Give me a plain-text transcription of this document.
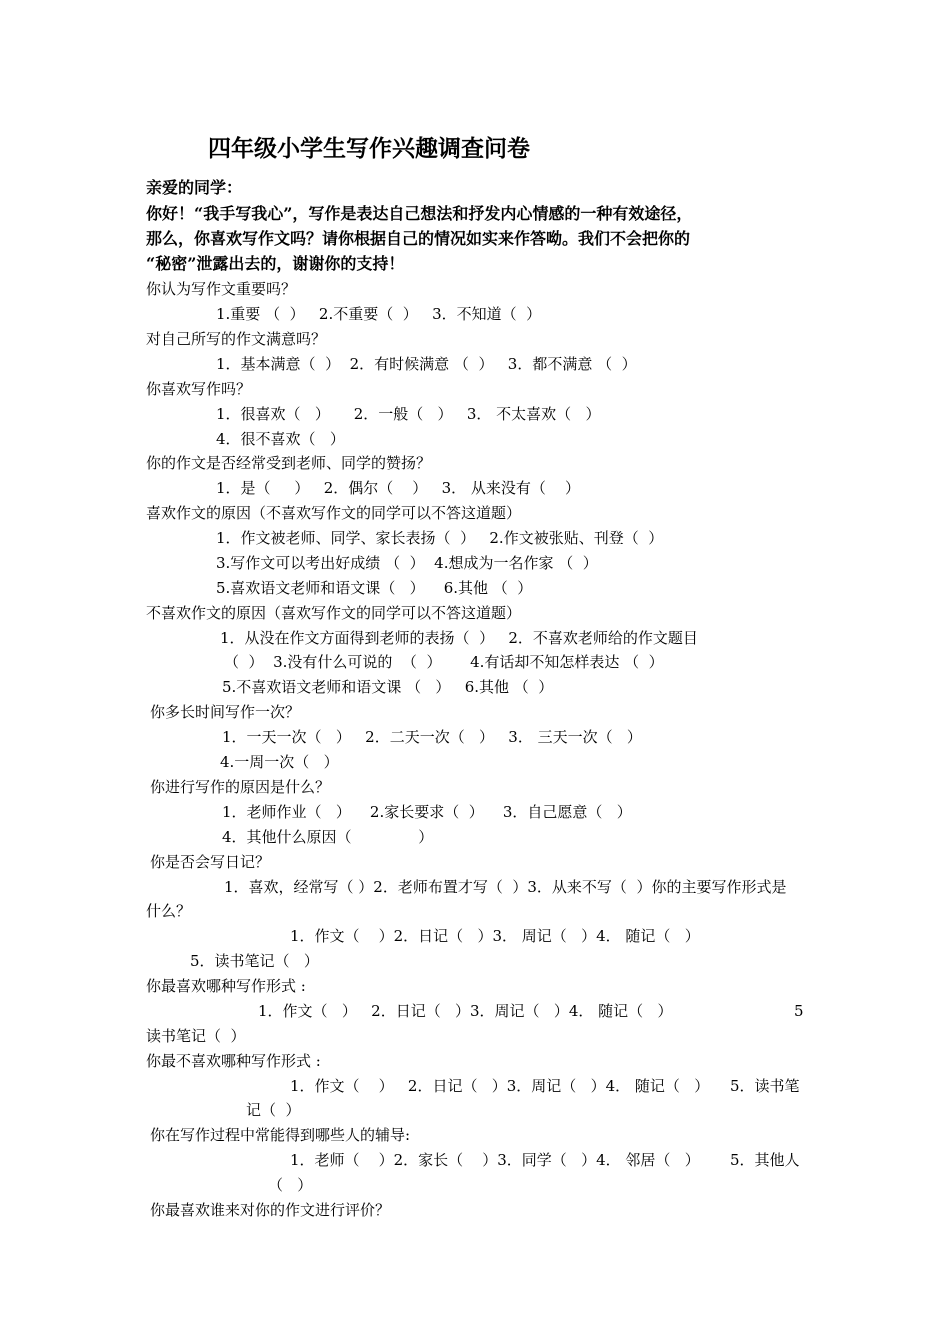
四年级小学生写作兴趣调查问卷
亲爱的同学：
你好！“我手写我心”，写作是表达自己想法和抒发内心情感的一种有效途径，
那么，你喜欢写作文吗？请你根据自己的情况如实来作答呦。我们不会把你的
“秘密”泄露出去的，谢谢你的支持！
你认为写作文重要吗？
1.重要 （  ）   2.不重要（  ）   3．不知道（  ）
对自己所写的作文满意吗？
1．基本满意（  ）  2．有时候满意 （  ）   3．都不满意 （  ）
你喜欢写作吗？
1．很喜欢（   ）     2．一般（   ）   3． 不太喜欢（   ）
4．很不喜欢（   ）
你的作文是否经常受到老师、同学的赞扬？
1．是（     ）   2．偶尔（    ）   3． 从来没有（    ）
喜欢作文的原因（不喜欢写作文的同学可以不答这道题）
1．作文被老师、同学、家长表扬（  ）   2.作文被张贴、刊登（  ）
3.写作文可以考出好成绩 （  ）  4.想成为一名作家 （  ）
5.喜欢语文老师和语文课（   ）    6.其他 （  ）
不喜欢作文的原因（喜欢写作文的同学可以不答这道题）
1．从没在作文方面得到老师的表扬（  ）   2．不喜欢老师给的作文题目
（  ）  3.没有什么可说的  （  ）      4.有话却不知怎样表达 （  ）
5.不喜欢语文老师和语文课 （   ）   6.其他 （  ）
你多长时间写作一次？
1．一天一次（   ）   2．二天一次（   ）   3． 三天一次（   ）
4.一周一次（   ）
你进行写作的原因是什么？
1．老师作业（   ）    2.家长要求（  ）    3．自己愿意（   ）
4．其他什么原因（              ）
你是否会写日记？
1．喜欢，经常写（ ）2．老师布置才写（  ）3．从来不写（  ）你的主要写作形式是
什么？
1．作文（    ）2．日记（   ）3． 周记（   ）4． 随记（   ）
5．读书笔记（   ）
你最喜欢哪种写作形式 :
1．作文（   ）   2．日记（   ）3．周记（   ）4． 随记（   ）	5
读书笔记（  ）
你最不喜欢哪种写作形式 :
1．作文（    ）   2．日记（   ）3．周记（   ）4． 随记（   ） 5．读书笔
记（  ）
你在写作过程中常能得到哪些人的辅导:
1．老师（    ）2．家长（    ）3．同学（   ）4． 邻居（   ） 5．其他人
（   ）
你最喜欢谁来对你的作文进行评价？
